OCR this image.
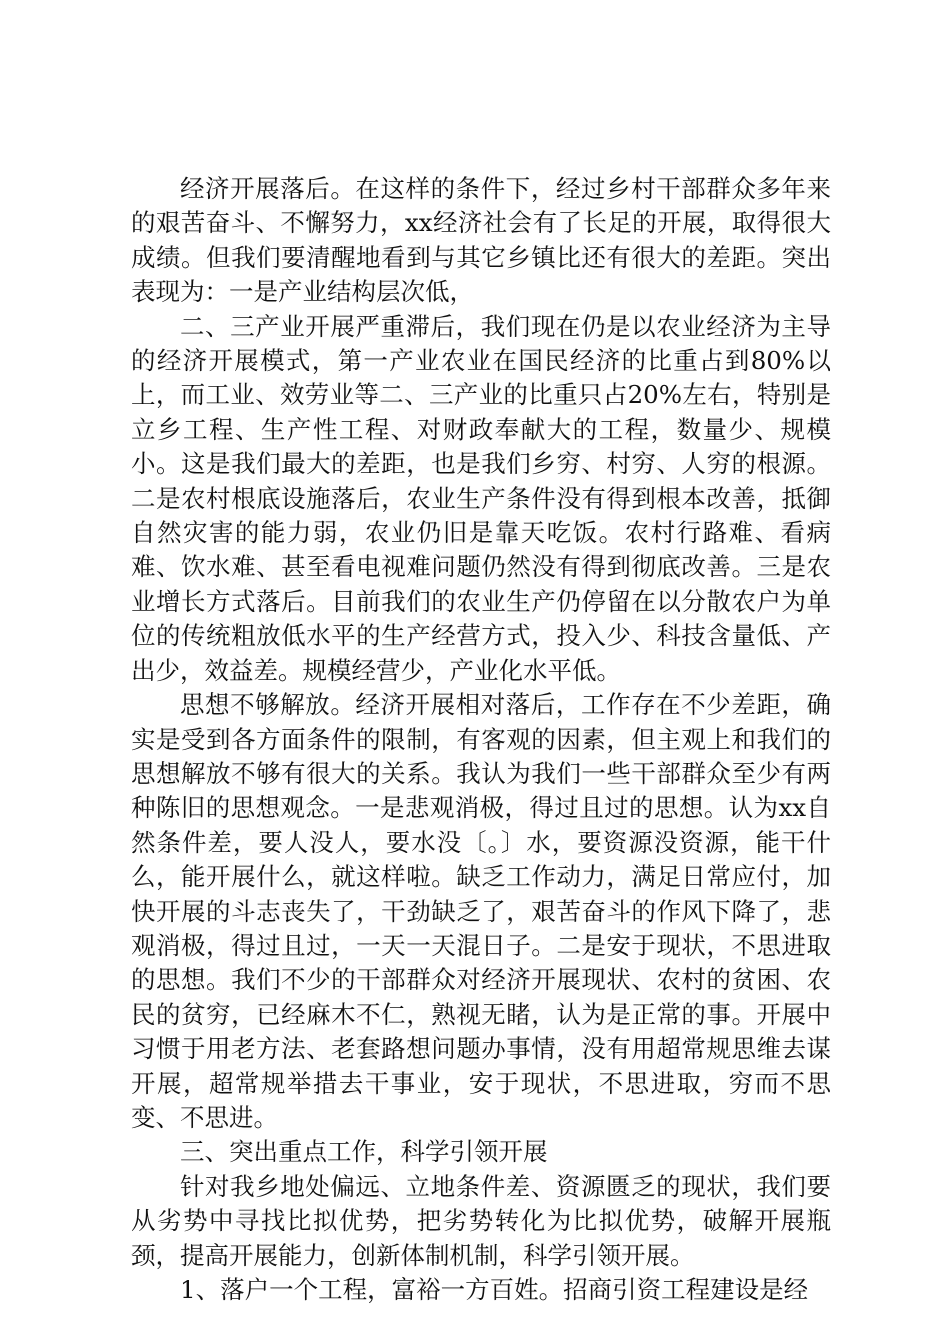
经济开展落后。在这样的条件下，经过乡村干部群众多年来的艰苦奋斗、不懈努力，xx经济社会有了长足的开展，取得很大成绩。但我们要清醒地看到与其它乡镇比还有很大的差距。突出表现为：一是产业结构层次低，

二、三产业开展严重滞后，我们现在仍是以农业经济为主导的经济开展模式，第一产业农业在国民经济的比重占到80%以上，而工业、效劳业等二、三产业的比重只占20%左右，特别是立乡工程、生产性工程、对财政奉献大的工程，数量少、规模小。这是我们最大的差距，也是我们乡穷、村穷、人穷的根源。二是农村根底设施落后，农业生产条件没有得到根本改善，抵御自然灾害的能力弱，农业仍旧是靠天吃饭。农村行路难、看病难、饮水难、甚至看电视难问题仍然没有得到彻底改善。三是农业增长方式落后。目前我们的农业生产仍停留在以分散农户为单位的传统粗放低水平的生产经营方式，投入少、科技含量低、产出少，效益差。规模经营少，产业化水平低。

思想不够解放。经济开展相对落后，工作存在不少差距，确实是受到各方面条件的限制，有客观的因素，但主观上和我们的思想解放不够有很大的关系。我认为我们一些干部群众至少有两种陈旧的思想观念。一是悲观消极，得过且过的思想。认为xx自然条件差，要人没人，要水没〔。〕水，要资源没资源，能干什么，能开展什么，就这样啦。缺乏工作动力，满足日常应付，加快开展的斗志丧失了，干劲缺乏了，艰苦奋斗的作风下降了，悲观消极，得过且过，一天一天混日子。二是安于现状，不思进取的思想。我们不少的干部群众对经济开展现状、农村的贫困、农民的贫穷，已经麻木不仁，熟视无睹，认为是正常的事。开展中习惯于用老方法、老套路想问题办事情，没有用超常规思维去谋开展，超常规举措去干事业，安于现状，不思进取，穷而不思变、不思进。

三、突出重点工作，科学引领开展

针对我乡地处偏远、立地条件差、资源匮乏的现状，我们要从劣势中寻找比拟优势，把劣势转化为比拟优势，破解开展瓶颈，提高开展能力，创新体制机制，科学引领开展。

1、落户一个工程，富裕一方百姓。招商引资工程建设是经
